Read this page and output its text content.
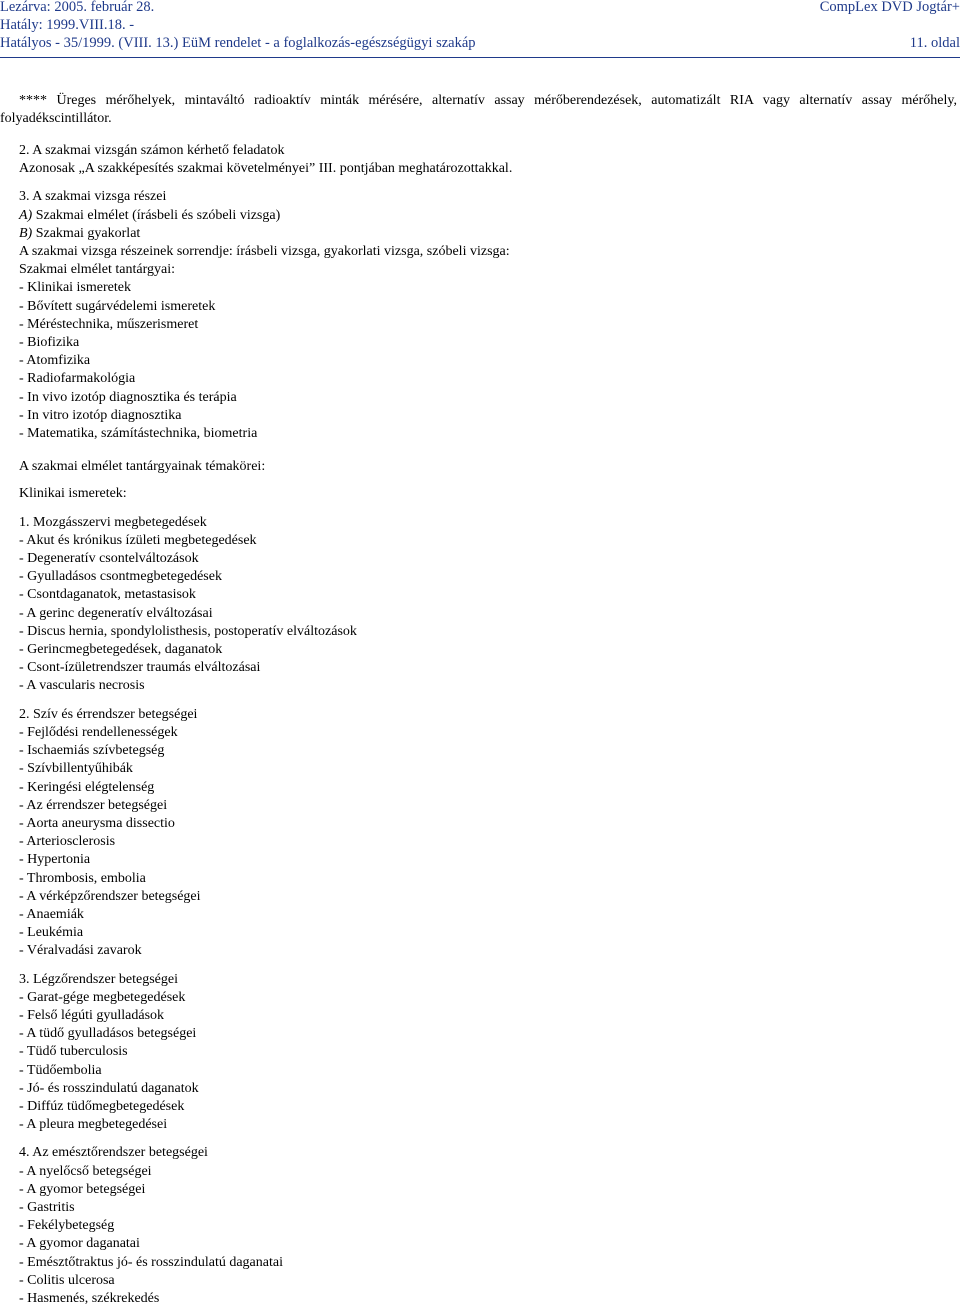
Lezárva: 2005. február 28.
Hatály: 1999.VIII.18. -
Hatályos - 35/1999. (VIII. 13.) EüM rendelet - a foglalkozás-egészségügyi szakáp
CompLex DVD Jogtár+
11. oldal

**** Üreges mérőhelyek, mintaváltó radioaktív minták mérésére, alternatív assay mérőberendezések, automatizált RIA vagy alternatív assay mérőhely, folyadékscintillátor.

2. A szakmai vizsgán számon kérhető feladatok

Azonosak „A szakképesítés szakmai követelményei” III. pontjában meghatározottakkal.

3. A szakmai vizsga részei

A) Szakmai elmélet (írásbeli és szóbeli vizsga)

B) Szakmai gyakorlat

A szakmai vizsga részeinek sorrendje: írásbeli vizsga, gyakorlati vizsga, szóbeli vizsga:

Szakmai elmélet tantárgyai:

- Klinikai ismeretek

- Bővített sugárvédelemi ismeretek

- Méréstechnika, műszerismeret

- Biofizika

- Atomfizika

- Radiofarmakológia

- In vivo izotóp diagnosztika és terápia

- In vitro izotóp diagnosztika

- Matematika, számítástechnika, biometria

A szakmai elmélet tantárgyainak témakörei:

Klinikai ismeretek:

1. Mozgásszervi megbetegedések

- Akut és krónikus ízületi megbetegedések

- Degeneratív csontelváltozások

- Gyulladásos csontmegbetegedések

- Csontdaganatok, metastasisok

- A gerinc degeneratív elváltozásai

- Discus hernia, spondylolisthesis, postoperatív elváltozások

- Gerincmegbetegedések, daganatok

- Csont-ízületrendszer traumás elváltozásai

- A vascularis necrosis

2. Szív és érrendszer betegségei

- Fejlődési rendellenességek

- Ischaemiás szívbetegség

- Szívbillentyűhibák

- Keringési elégtelenség

- Az érrendszer betegségei

- Aorta aneurysma dissectio

- Arteriosclerosis

- Hypertonia

- Thrombosis, embolia

- A vérképzőrendszer betegségei

- Anaemiák

- Leukémia

- Véralvadási zavarok

3. Légzőrendszer betegségei

- Garat-gége megbetegedések

- Felső légúti gyulladások

- A tüdő gyulladásos betegségei

- Tüdő tuberculosis

- Tüdőembolia

- Jó- és rosszindulatú daganatok

- Diffúz tüdőmegbetegedések

- A pleura megbetegedései

4. Az emésztőrendszer betegségei

- A nyelőcső betegségei

- A gyomor betegségei

- Gastritis

- Fekélybetegség

- A gyomor daganatai

- Emésztőtraktus jó- és rosszindulatú daganatai

- Colitis ulcerosa

- Hasmenés, székrekedés
